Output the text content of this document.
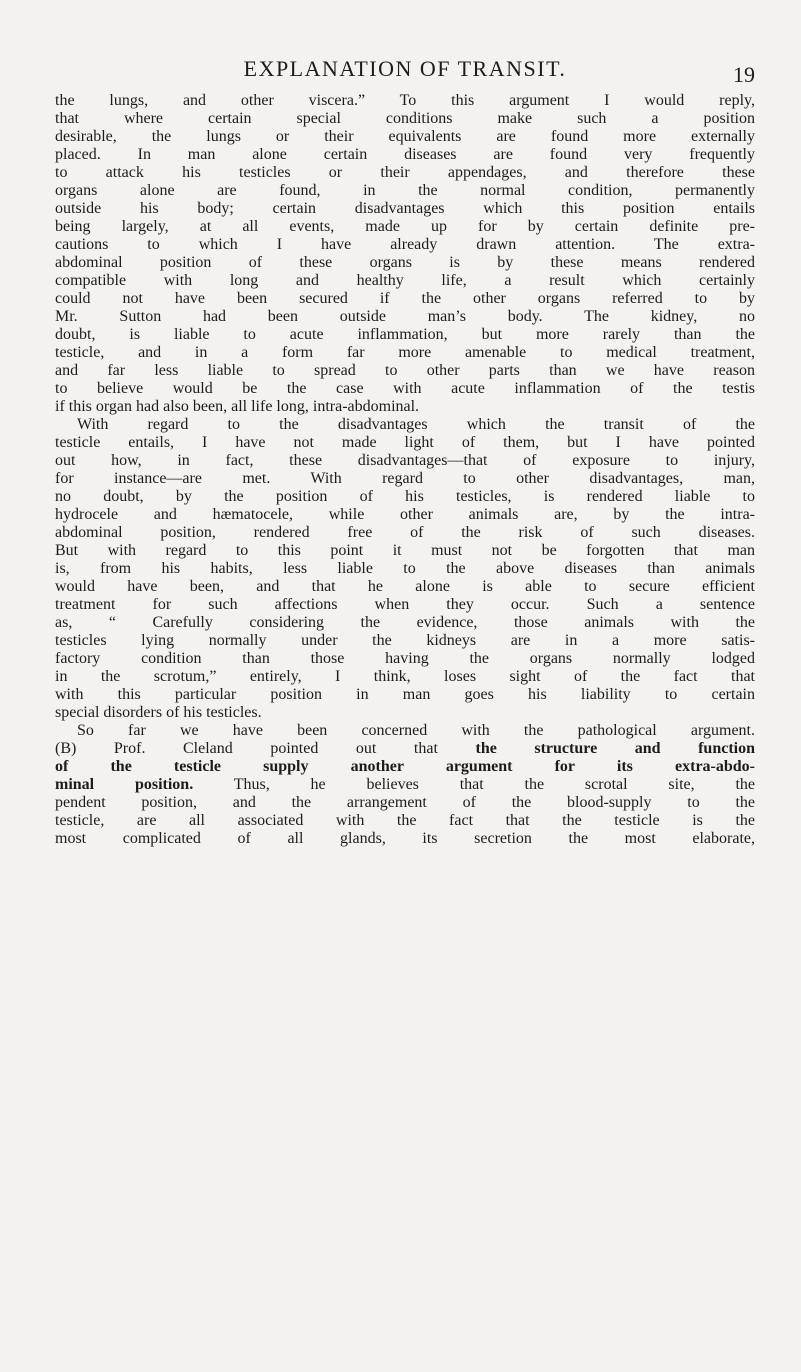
EXPLANATION OF TRANSIT.	19
the lungs, and other viscera.” To this argument I would reply,
that where certain special conditions make such a position
desirable, the lungs or their equivalents are found more externally
placed. In man alone certain diseases are found very frequently
to attack his testicles or their appendages, and therefore these
organs alone are found, in the normal condition, permanently
outside his body; certain disadvantages which this position entails
being largely, at all events, made up for by certain definite pre-
cautions to which I have already drawn attention. The extra-
abdominal position of these organs is by these means rendered
compatible with long and healthy life, a result which certainly
could not have been secured if the other organs referred to by
Mr. Sutton had been outside man’s body. The kidney, no
doubt, is liable to acute inflammation, but more rarely than the
testicle, and in a form far more amenable to medical treatment,
and far less liable to spread to other parts than we have reason
to believe would be the case with acute inflammation of the testis
if this organ had also been, all life long, intra-abdominal.
With regard to the disadvantages which the transit of the
testicle entails, I have not made light of them, but I have pointed
out how, in fact, these disadvantages—that of exposure to injury,
for instance—are met. With regard to other disadvantages, man,
no doubt, by the position of his testicles, is rendered liable to
hydrocele and hæmatocele, while other animals are, by the intra-
abdominal position, rendered free of the risk of such diseases.
But with regard to this point it must not be forgotten that man
is, from his habits, less liable to the above diseases than animals
would have been, and that he alone is able to secure efficient
treatment for such affections when they occur. Such a sentence
as, “ Carefully considering the evidence, those animals with the
testicles lying normally under the kidneys are in a more satis-
factory condition than those having the organs normally lodged
in the scrotum,” entirely, I think, loses sight of the fact that
with this particular position in man goes his liability to certain
special disorders of his testicles.
So far we have been concerned with the pathological argument.
(B) Prof. Cleland pointed out that the structure and function
of the testicle supply another argument for its extra-abdo-
minal position. Thus, he believes that the scrotal site, the
pendent position, and the arrangement of the blood-supply to the
testicle, are all associated with the fact that the testicle is the
most complicated of all glands, its secretion the most elaborate,
